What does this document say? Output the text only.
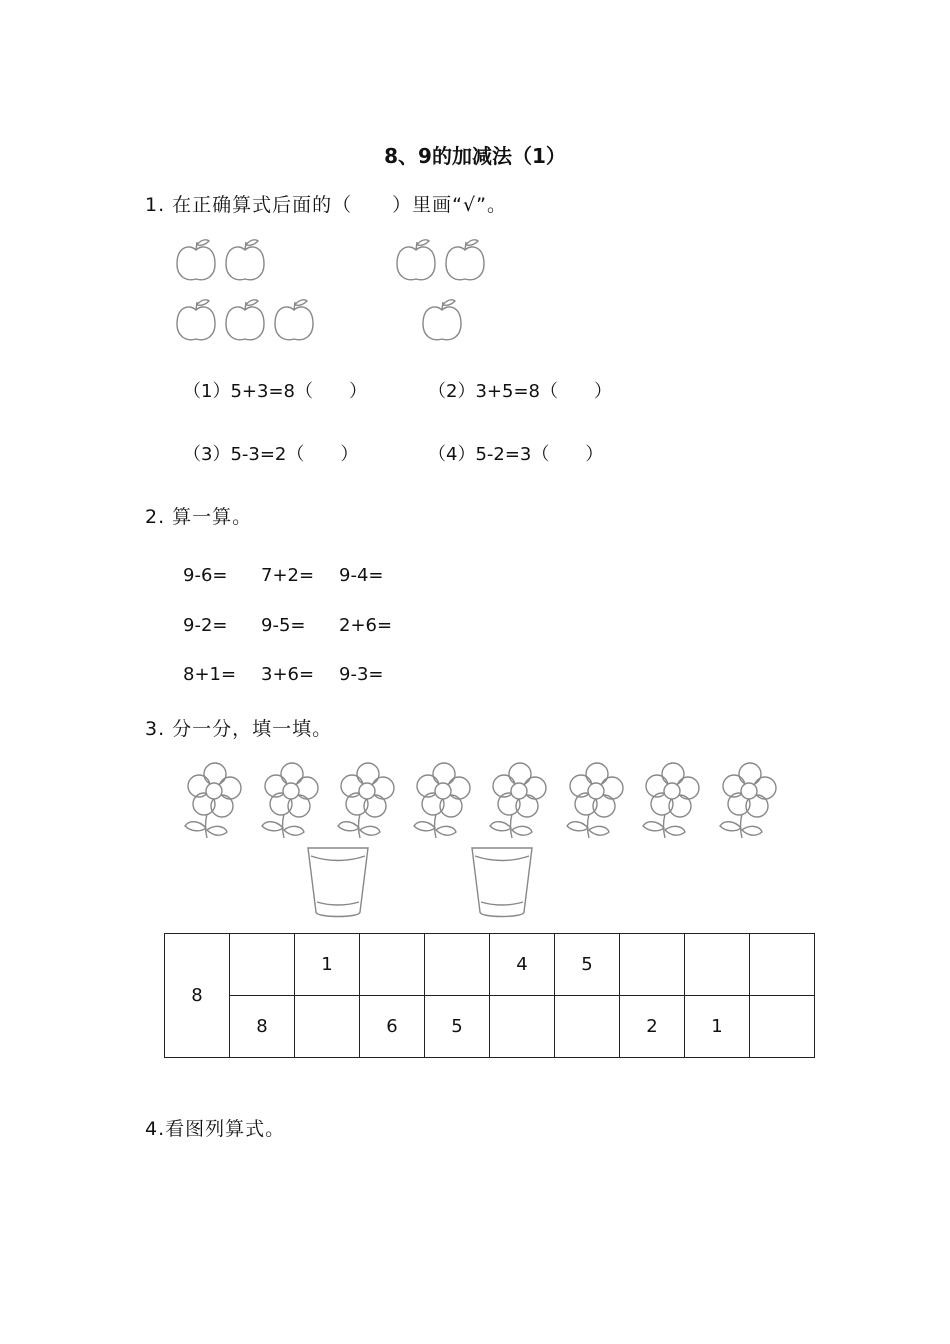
8、9的加减法（1）
1. 在正确算式后面的（　　）里画“√”。
（1）5+3=8（　　）	（2）3+5=8（　　）
（3）5-3=2（　　）	（4）5-2=3（　　）
2. 算一算。
9-6= 7+2= 9-4=
9-2= 9-5= 2+6=
8+1= 3+6= 9-3=
3. 分一分，填一填。
8		1			4	5			
	8		6	5			2	1	
4.看图列算式。
